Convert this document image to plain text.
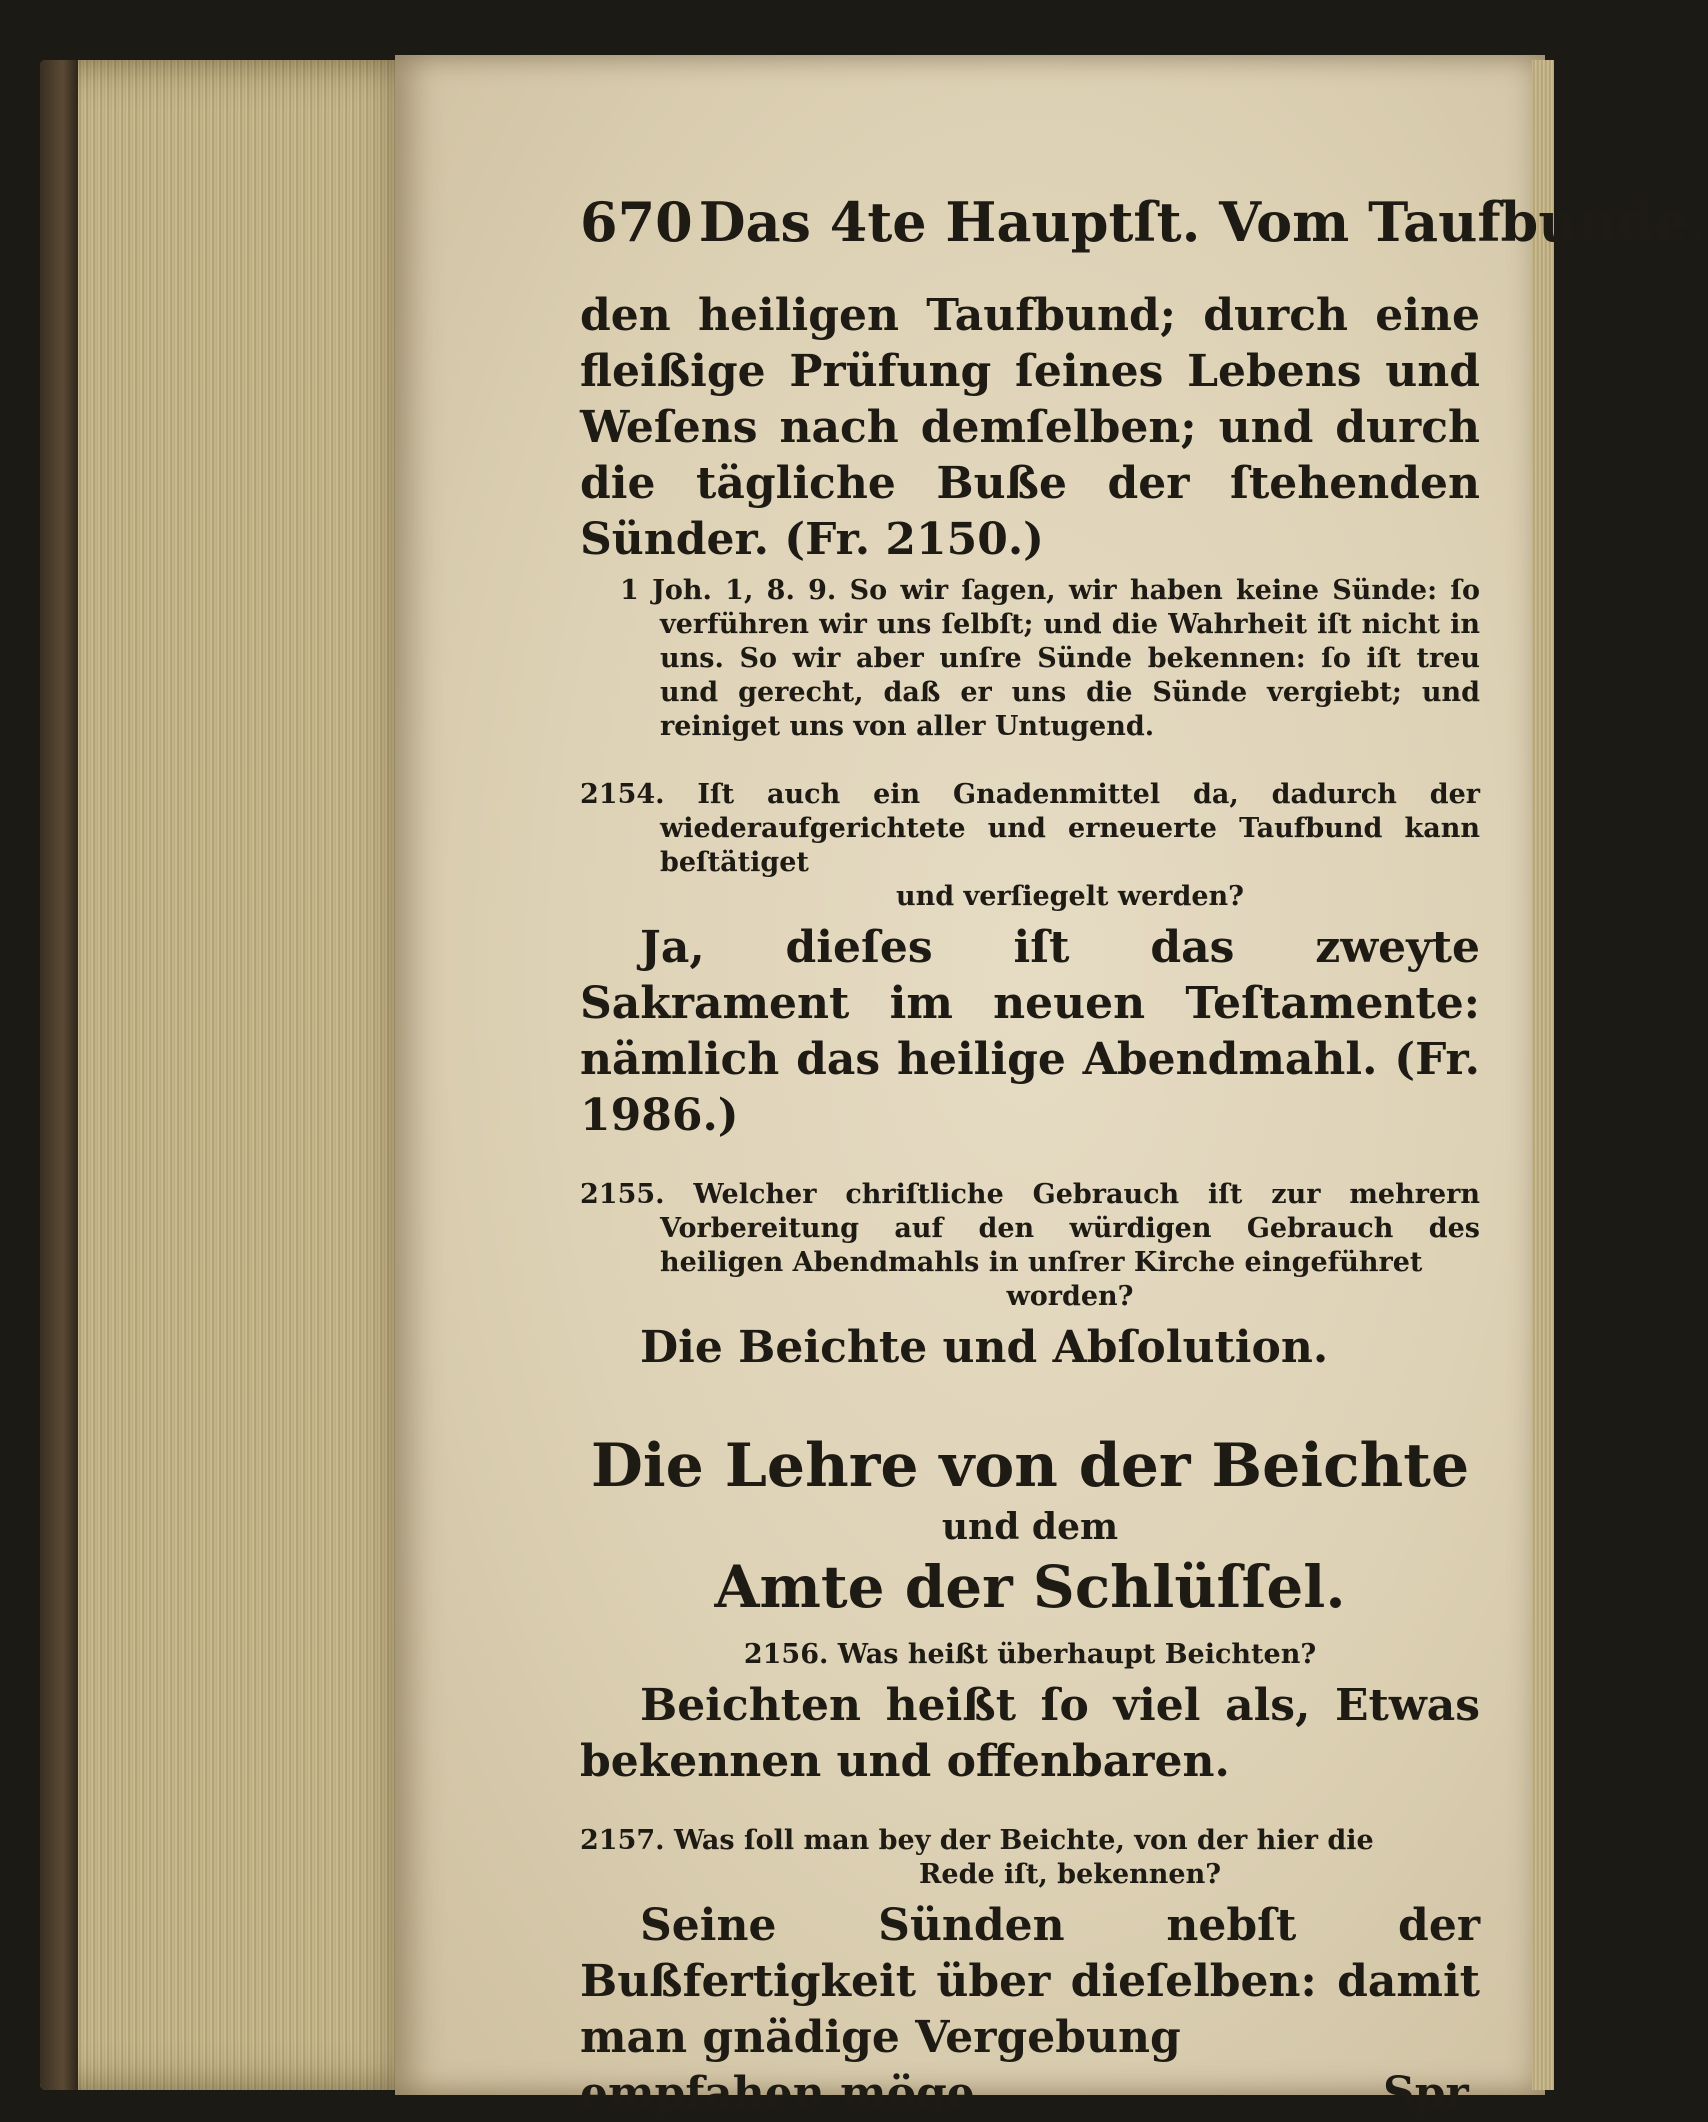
670 Das 4te Hauptſt. Vom Taufbunde.
den heiligen Taufbund; durch eine fleißige Prüfung ſeines Lebens und Weſens nach demſelben; und durch die tägliche Buße der ſtehenden Sünder. (Fr. 2150.)
1 Joh. 1, 8. 9. So wir ſagen, wir haben keine Sünde: ſo verführen wir uns ſelbſt; und die Wahrheit iſt nicht in uns. So wir aber unſre Sünde bekennen: ſo iſt treu und gerecht, daß er uns die Sünde vergiebt; und reiniget uns von aller Untugend.
2154. Iſt auch ein Gnadenmittel da, dadurch der wiederaufgerichtete und erneuerte Taufbund kann beſtätiget
und verſiegelt werden?
Ja, dieſes iſt das zweyte Sakrament im neuen Teſtamente: nämlich das heilige Abendmahl. (Fr. 1986.)
2155. Welcher chriſtliche Gebrauch iſt zur mehrern Vorbereitung auf den würdigen Gebrauch des heiligen Abendmahls in unſrer Kirche eingeführet
worden?
Die Beichte und Abſolution.
Die Lehre von der Beichte
und dem
Amte der Schlüſſel.
2156. Was heißt überhaupt Beichten?
Beichten heißt ſo viel als, Etwas bekennen und offenbaren.
2157. Was ſoll man bey der Beichte, von der hier die
Rede iſt, bekennen?
Seine Sünden nebſt der Bußfertigkeit über dieſelben: damit man gnädige Vergebung
empfahen möge.	Spr.
